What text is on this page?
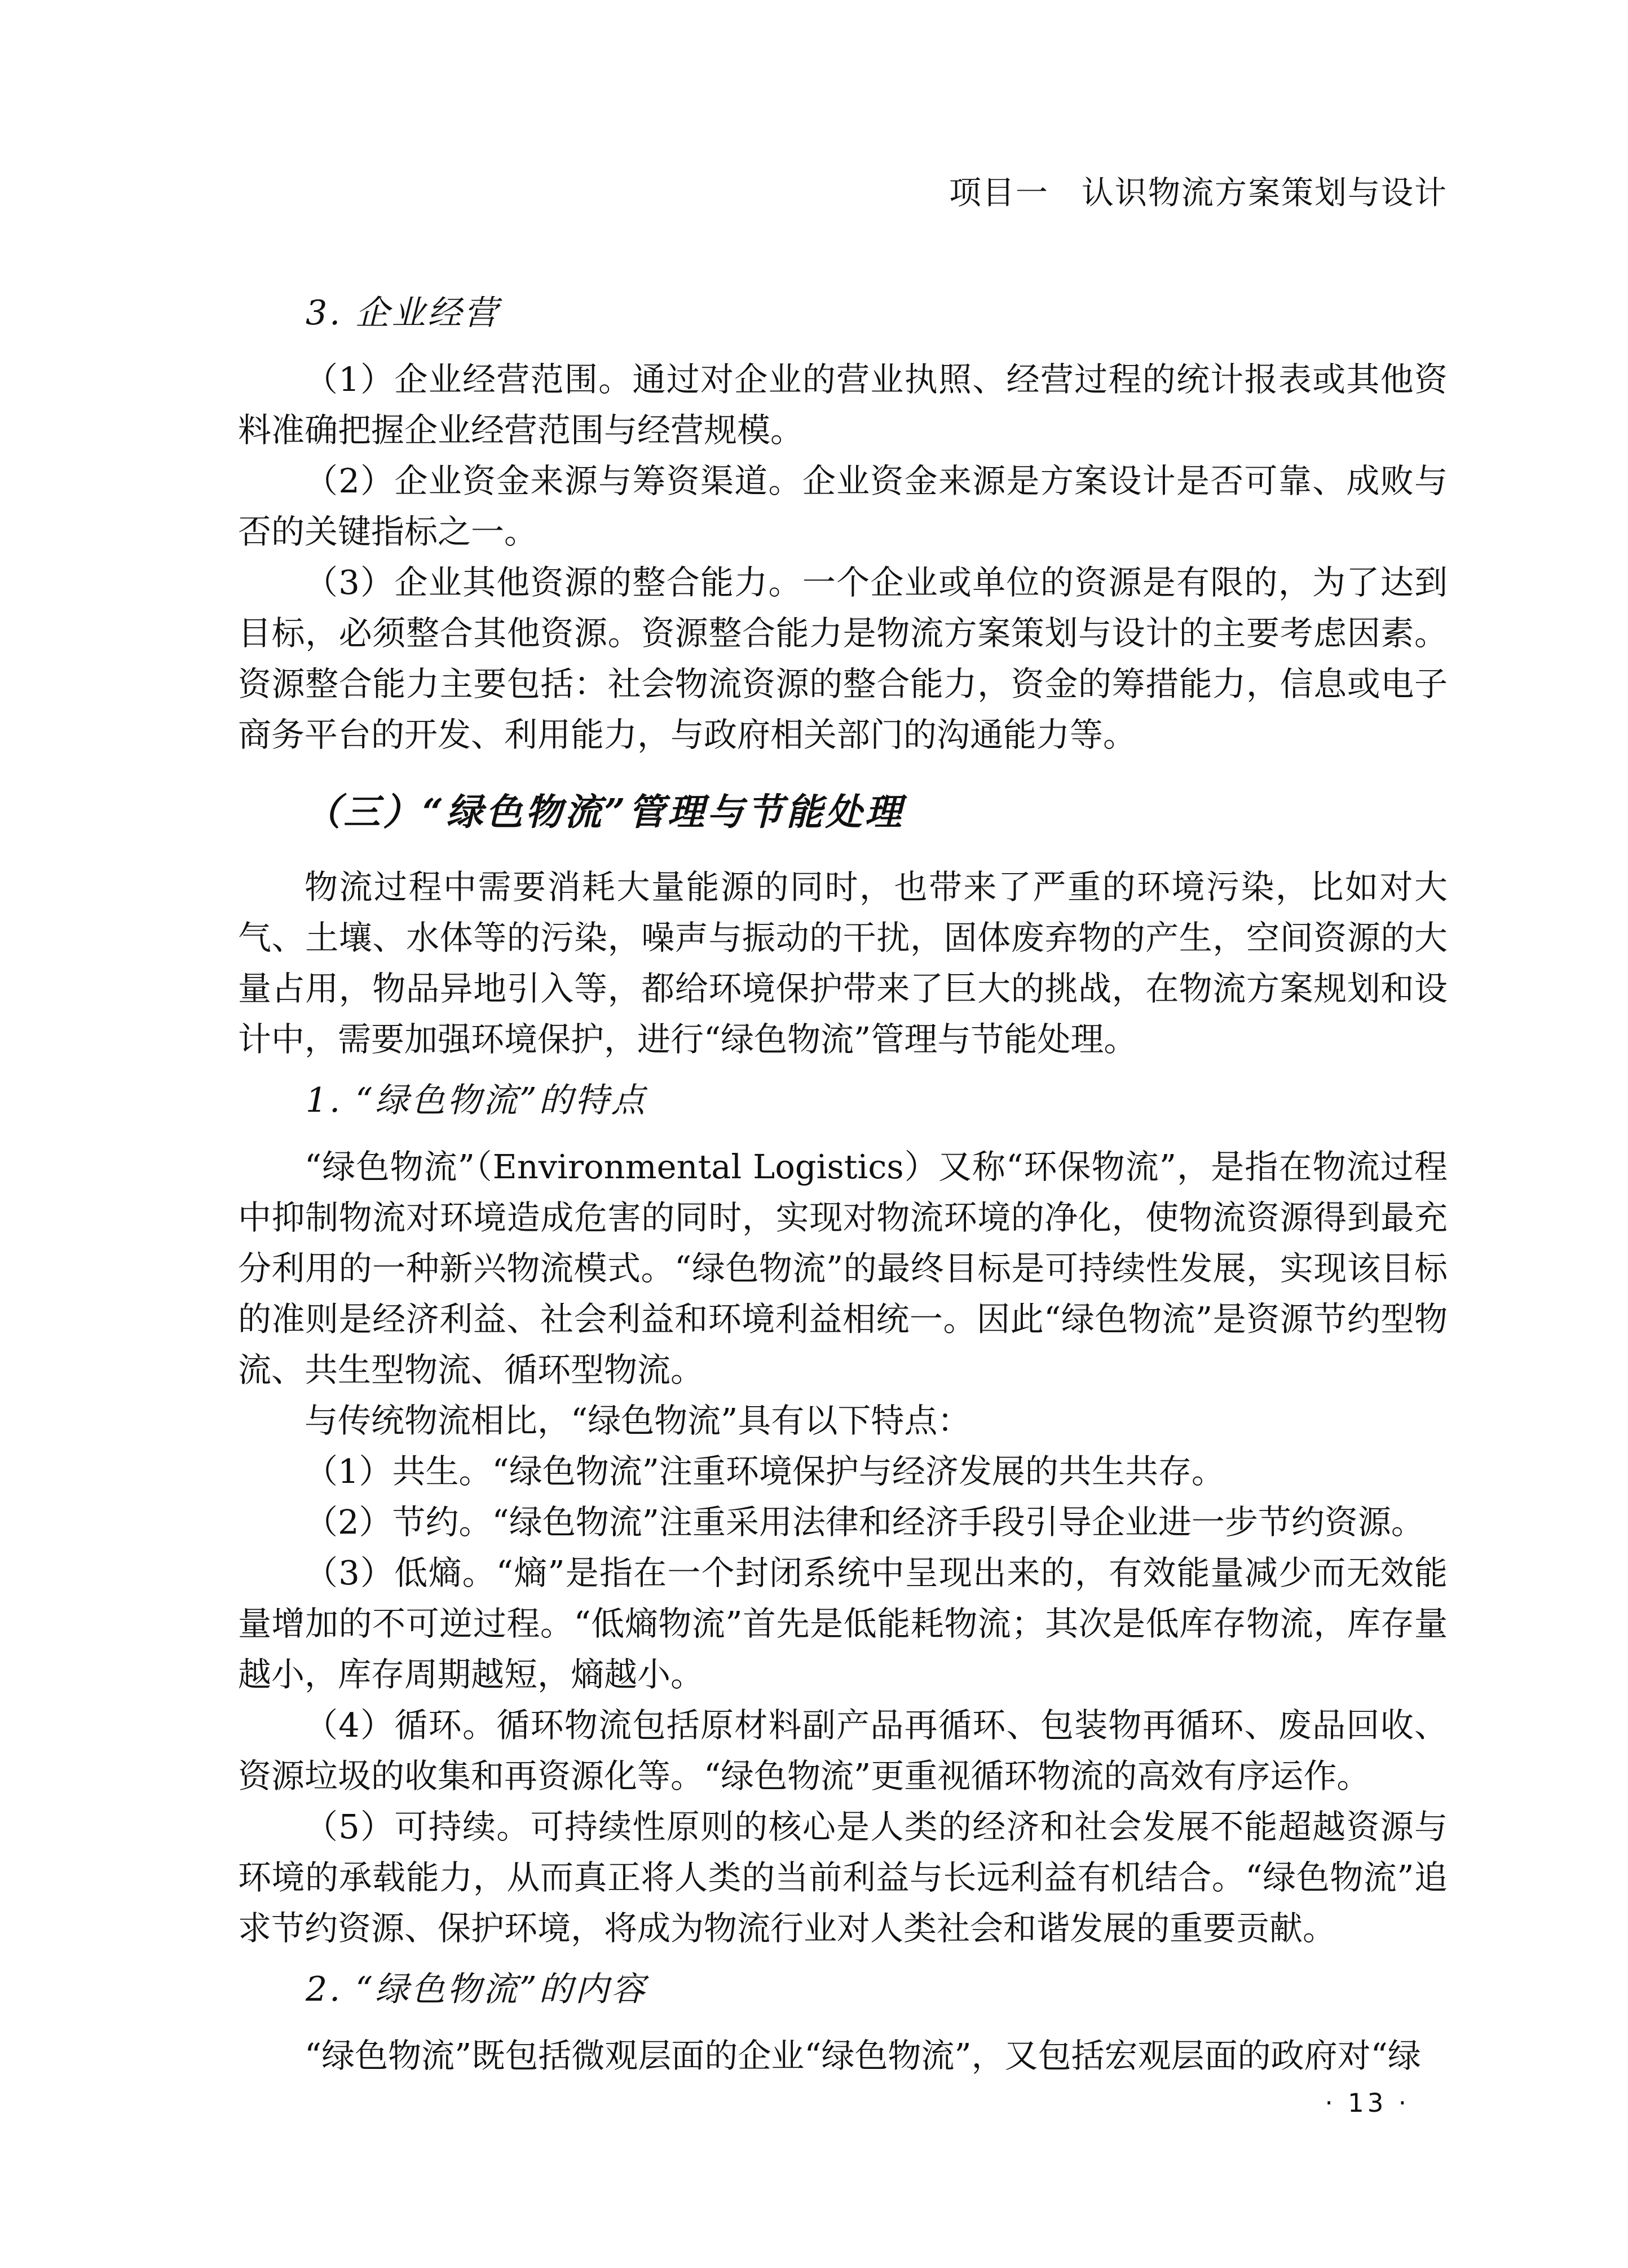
项目一 认识物流方案策划与设计

3. 企业经营

（1）企业经营范围。通过对企业的营业执照、经营过程的统计报表或其他资料准确把握企业经营范围与经营规模。

（2）企业资金来源与筹资渠道。企业资金来源是方案设计是否可靠、成败与否的关键指标之一。

（3）企业其他资源的整合能力。一个企业或单位的资源是有限的，为了达到目标，必须整合其他资源。资源整合能力是物流方案策划与设计的主要考虑因素。资源整合能力主要包括：社会物流资源的整合能力，资金的筹措能力，信息或电子商务平台的开发、利用能力，与政府相关部门的沟通能力等。

（三）“绿色物流”管理与节能处理

物流过程中需要消耗大量能源的同时，也带来了严重的环境污染，比如对大气、土壤、水体等的污染，噪声与振动的干扰，固体废弃物的产生，空间资源的大量占用，物品异地引入等，都给环境保护带来了巨大的挑战，在物流方案规划和设计中，需要加强环境保护，进行“绿色物流”管理与节能处理。

1. “绿色物流”的特点

“绿色物流”（Environmental Logistics）又称“环保物流”，是指在物流过程中抑制物流对环境造成危害的同时，实现对物流环境的净化，使物流资源得到最充分利用的一种新兴物流模式。“绿色物流”的最终目标是可持续性发展，实现该目标的准则是经济利益、社会利益和环境利益相统一。因此“绿色物流”是资源节约型物流、共生型物流、循环型物流。

与传统物流相比，“绿色物流”具有以下特点：

（1）共生。“绿色物流”注重环境保护与经济发展的共生共存。

（2）节约。“绿色物流”注重采用法律和经济手段引导企业进一步节约资源。

（3）低熵。“熵”是指在一个封闭系统中呈现出来的，有效能量减少而无效能量增加的不可逆过程。“低熵物流”首先是低能耗物流；其次是低库存物流，库存量越小，库存周期越短，熵越小。

（4）循环。循环物流包括原材料副产品再循环、包装物再循环、废品回收、资源垃圾的收集和再资源化等。“绿色物流”更重视循环物流的高效有序运作。

（5）可持续。可持续性原则的核心是人类的经济和社会发展不能超越资源与环境的承载能力，从而真正将人类的当前利益与长远利益有机结合。“绿色物流”追求节约资源、保护环境，将成为物流行业对人类社会和谐发展的重要贡献。

2. “绿色物流”的内容

“绿色物流”既包括微观层面的企业“绿色物流”，又包括宏观层面的政府对“绿

· 13 ·
